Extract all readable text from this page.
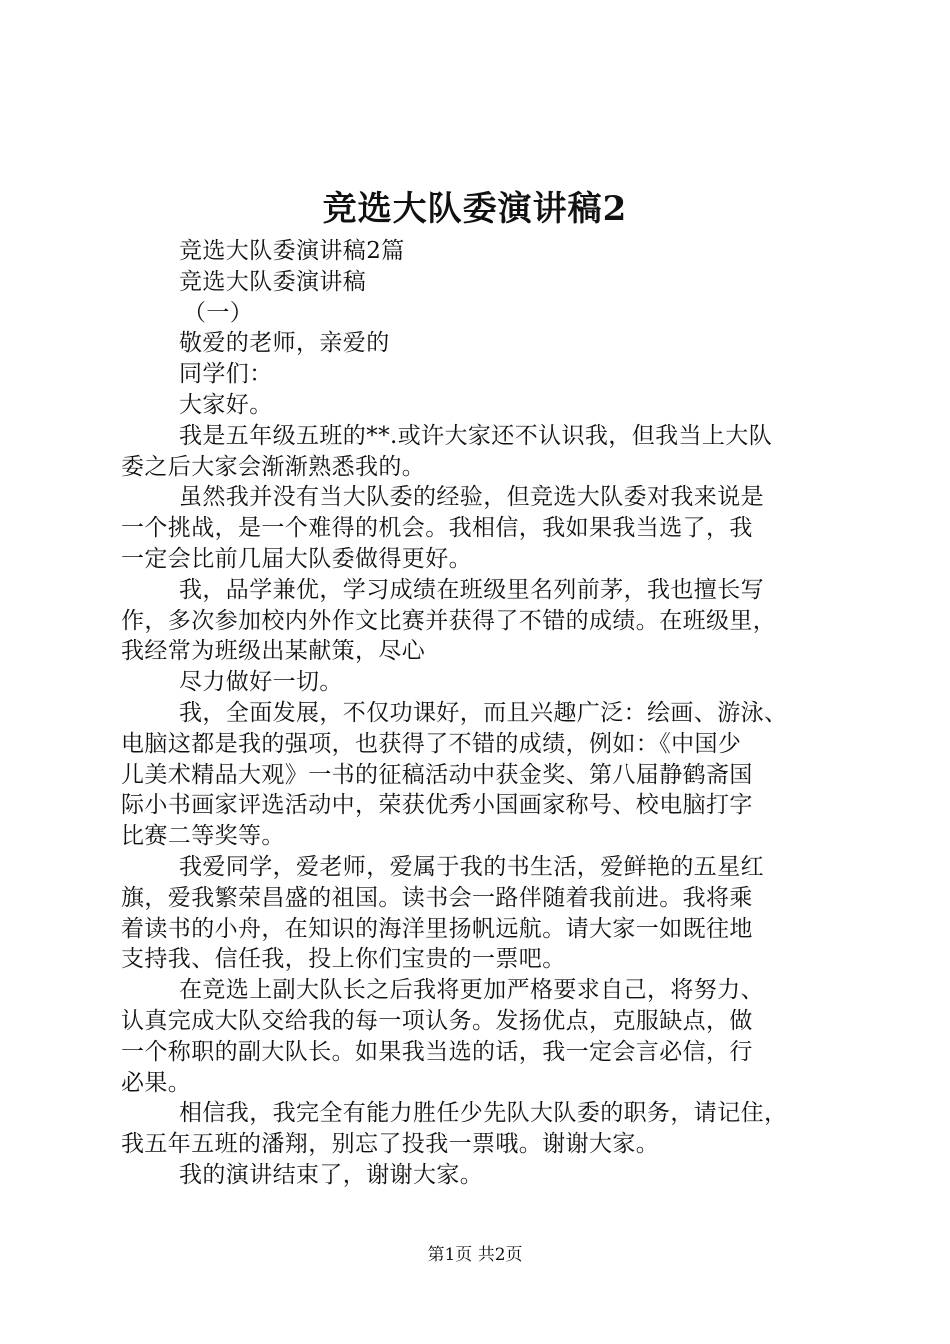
竞选大队委演讲稿2
竞选大队委演讲稿2篇
竞选大队委演讲稿
（一）
敬爱的老师，亲爱的
同学们：
大家好。
我是五年级五班的**.或许大家还不认识我，但我当上大队
委之后大家会渐渐熟悉我的。
虽然我并没有当大队委的经验，但竞选大队委对我来说是
一个挑战，是一个难得的机会。我相信，我如果我当选了，我
一定会比前几届大队委做得更好。
我，品学兼优，学习成绩在班级里名列前茅，我也擅长写
作，多次参加校内外作文比赛并获得了不错的成绩。在班级里，
我经常为班级出某献策，尽心
尽力做好一切。
我，全面发展，不仅功课好，而且兴趣广泛：绘画、游泳、
电脑这都是我的强项，也获得了不错的成绩，例如：《中国少
儿美术精品大观》一书的征稿活动中获金奖、第八届静鹤斋国
际小书画家评选活动中，荣获优秀小国画家称号、校电脑打字
比赛二等奖等。
我爱同学，爱老师，爱属于我的书生活，爱鲜艳的五星红
旗，爱我繁荣昌盛的祖国。读书会一路伴随着我前进。我将乘
着读书的小舟，在知识的海洋里扬帆远航。请大家一如既往地
支持我、信任我，投上你们宝贵的一票吧。
在竞选上副大队长之后我将更加严格要求自己，将努力、
认真完成大队交给我的每一项认务。发扬优点，克服缺点，做
一个称职的副大队长。如果我当选的话，我一定会言必信，行
必果。
相信我，我完全有能力胜任少先队大队委的职务，请记住，
我五年五班的潘翔，别忘了投我一票哦。谢谢大家。
我的演讲结束了，谢谢大家。
第1页 共2页
